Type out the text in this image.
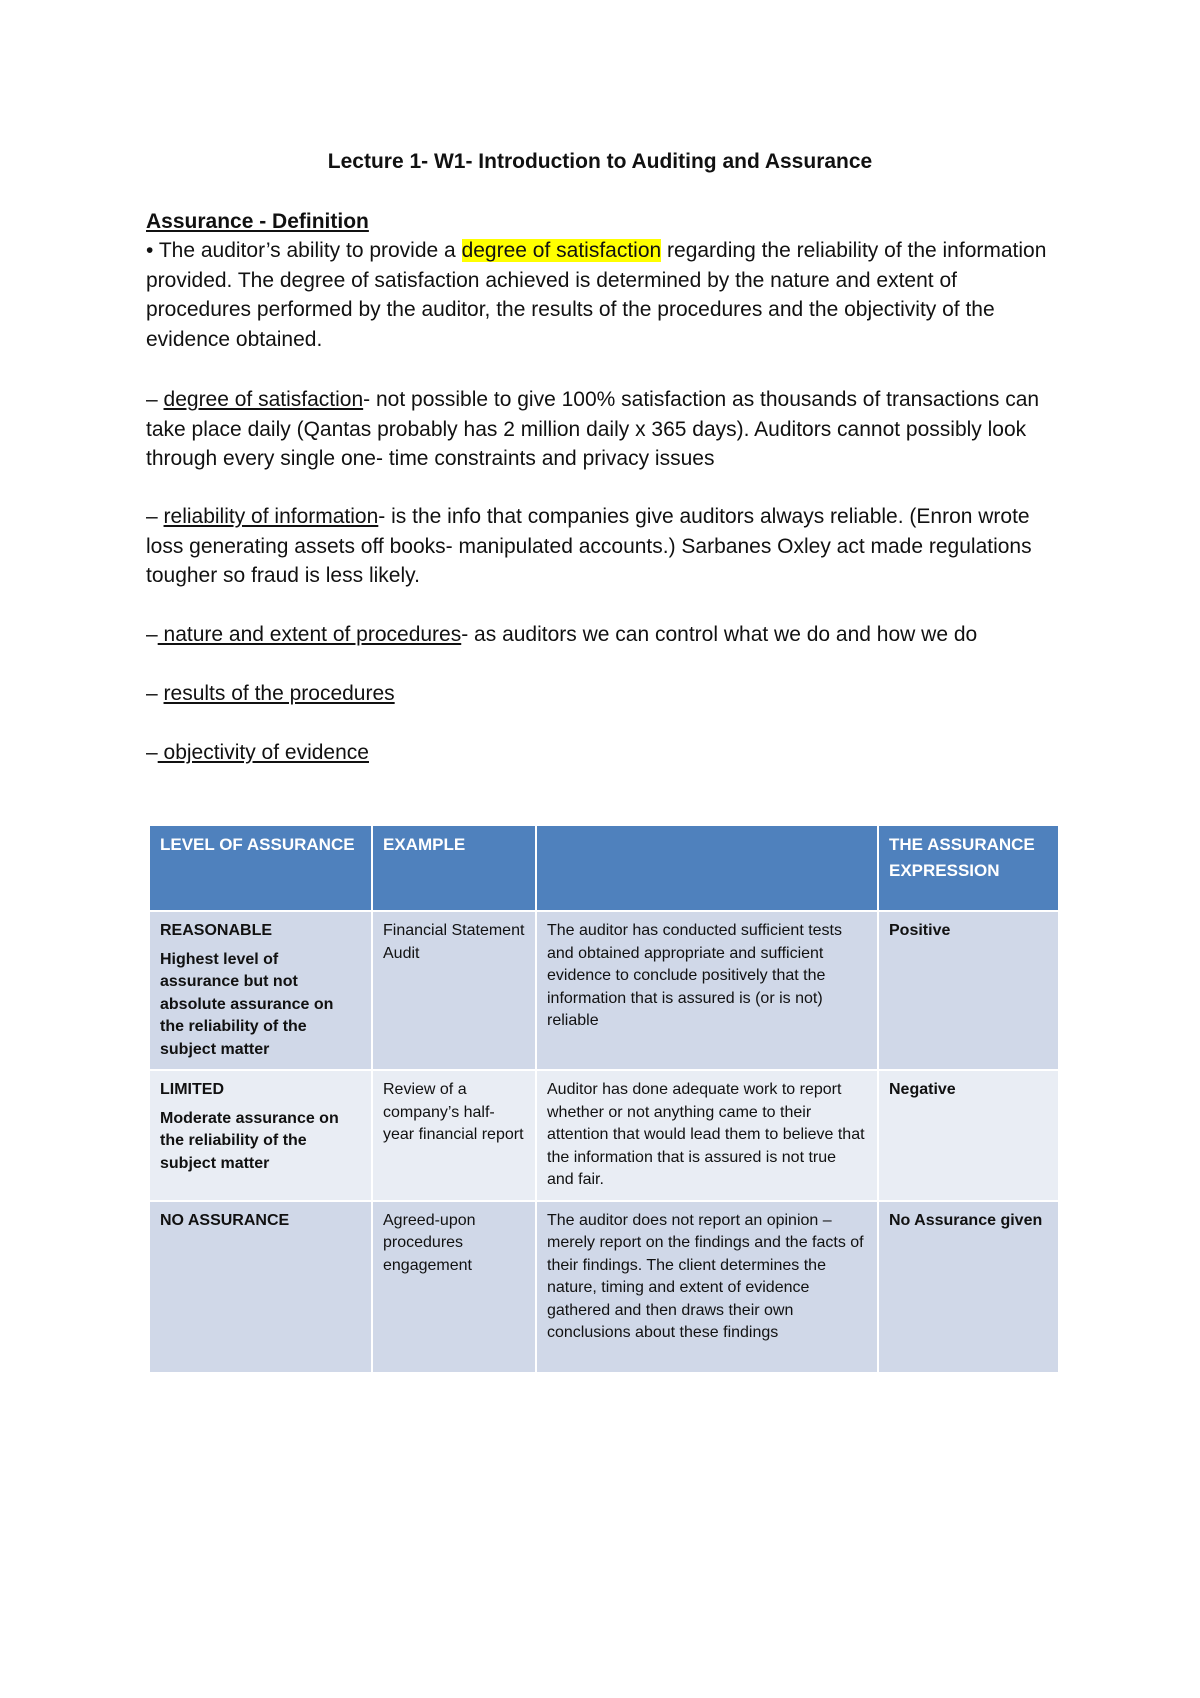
Lecture 1- W1- Introduction to Auditing and Assurance
Assurance - Definition
• The auditor’s ability to provide a degree of satisfaction regarding the reliability of the information provided. The degree of satisfaction achieved is determined by the nature and extent of procedures performed by the auditor, the results of the procedures and the objectivity of the evidence obtained.
– degree of satisfaction- not possible to give 100% satisfaction as thousands of transactions can take place daily (Qantas probably has 2 million daily x 365 days). Auditors cannot possibly look through every single one- time constraints and privacy issues
– reliability of information- is the info that companies give auditors always reliable. (Enron wrote loss generating assets off books- manipulated accounts.) Sarbanes Oxley act made regulations tougher so fraud is less likely.
– nature and extent of procedures- as auditors we can control what we do and how we do
– results of the procedures
– objectivity of evidence
LEVEL OF ASSURANCE	EXAMPLE		THE ASSURANCE EXPRESSION

REASONABLE
Highest level of assurance but not absolute assurance on the reliability of the subject matter	Financial Statement Audit	The auditor has conducted sufficient tests and obtained appropriate and sufficient evidence to conclude positively that the information that is assured is (or is not) reliable	Positive

LIMITED
Moderate assurance on the reliability of the subject matter	Review of a company’s half-year financial report	Auditor has done adequate work to report whether or not anything came to their attention that would lead them to believe that the information that is assured is not true and fair.	Negative

NO ASSURANCE	Agreed-upon procedures engagement	The auditor does not report an opinion – merely report on the findings and the facts of their findings. The client determines the nature, timing and extent of evidence gathered and then draws their own conclusions about these findings	No Assurance given
